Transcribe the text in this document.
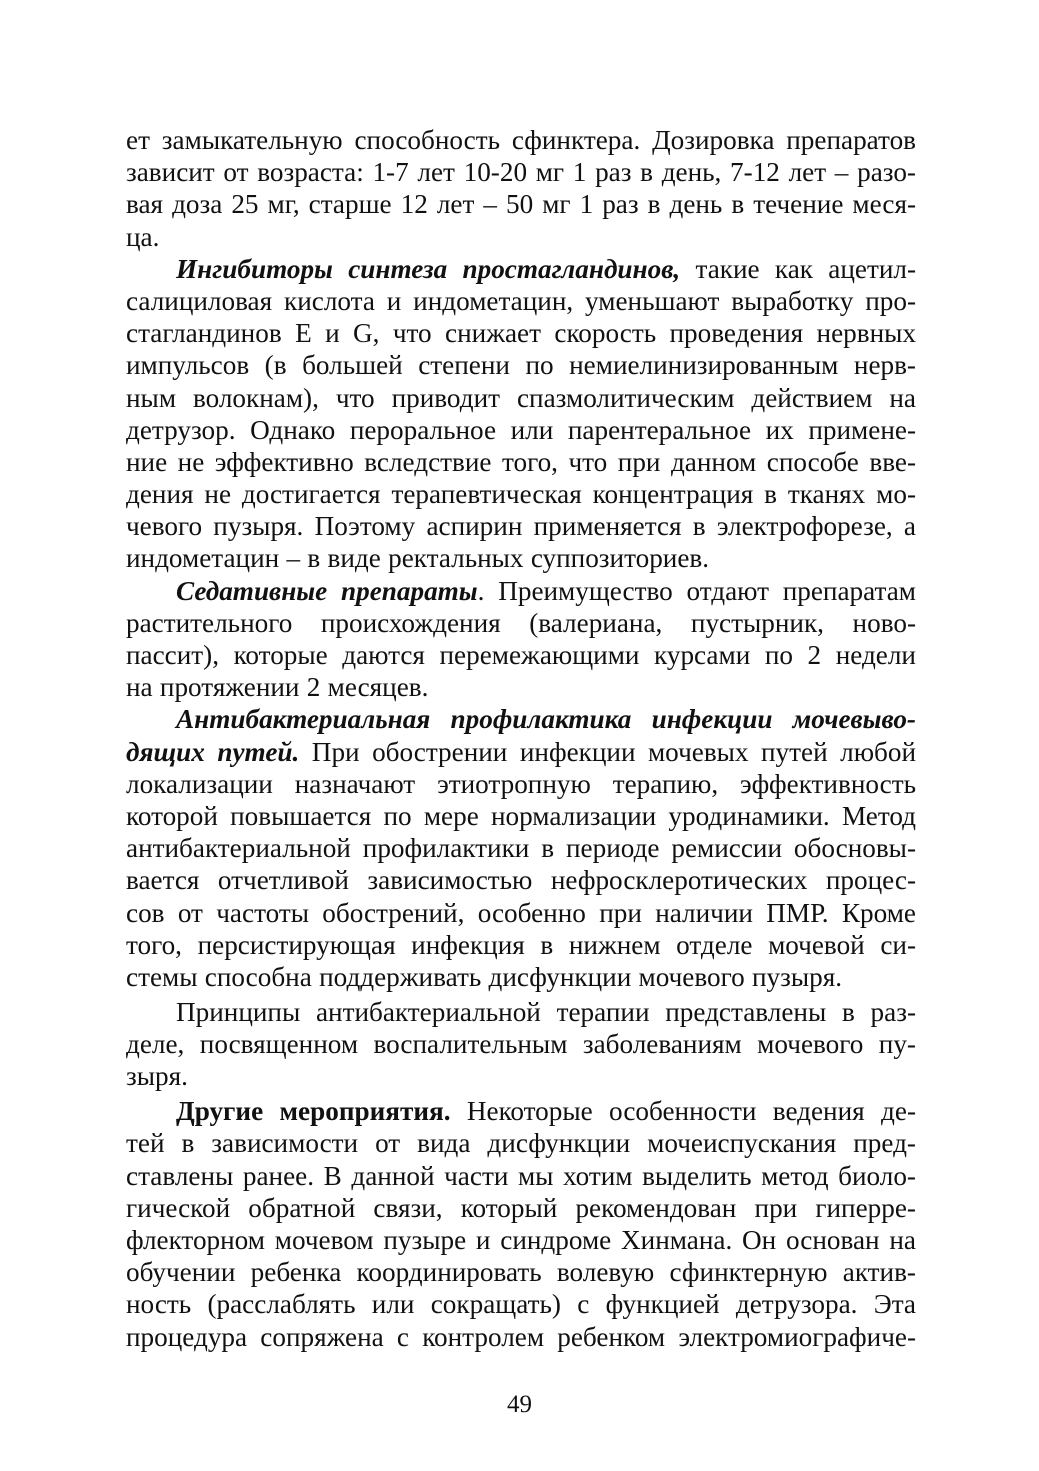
ет замыкательную способность сфинктера. Дозировка препаратов
зависит от возраста: 1-7 лет 10-20 мг 1 раз в день, 7-12 лет – разо-
вая доза 25 мг, старше 12 лет – 50 мг 1 раз в день в течение меся-
ца.
Ингибиторы синтеза простагландинов, такие как ацетил-
салициловая кислота и индометацин, уменьшают выработку про-
стагландинов E и G, что снижает скорость проведения нервных
импульсов (в большей степени по немиелинизированным нерв-
ным волокнам), что приводит спазмолитическим действием на
детрузор. Однако пероральное или парентеральное их примене-
ние не эффективно вследствие того, что при данном способе вве-
дения не достигается терапевтическая концентрация в тканях мо-
чевого пузыря. Поэтому аспирин применяется в электрофорезе, а
индометацин – в виде ректальных суппозиториев.
Седативные препараты. Преимущество отдают препаратам
растительного происхождения (валериана, пустырник, ново-
пассит), которые даются перемежающими курсами по 2 недели
на протяжении 2 месяцев.
Антибактериальная профилактика инфекции мочевыво-
дящих путей. При обострении инфекции мочевых путей любой
локализации назначают этиотропную терапию, эффективность
которой повышается по мере нормализации уродинамики. Метод
антибактериальной профилактики в периоде ремиссии обосновы-
вается отчетливой зависимостью нефросклеротических процес-
сов от частоты обострений, особенно при наличии ПМР. Кроме
того, персистирующая инфекция в нижнем отделе мочевой си-
стемы способна поддерживать дисфункции мочевого пузыря.
Принципы антибактериальной терапии представлены в раз-
деле, посвященном воспалительным заболеваниям мочевого пу-
зыря.
Другие мероприятия. Некоторые особенности ведения де-
тей в зависимости от вида дисфункции мочеиспускания пред-
ставлены ранее. В данной части мы хотим выделить метод биоло-
гической обратной связи, который рекомендован при гиперре-
флекторном мочевом пузыре и синдроме Хинмана. Он основан на
обучении ребенка координировать волевую сфинктерную актив-
ность (расслаблять или сокращать) с функцией детрузора. Эта
процедура сопряжена с контролем ребенком электромиографиче-
49
